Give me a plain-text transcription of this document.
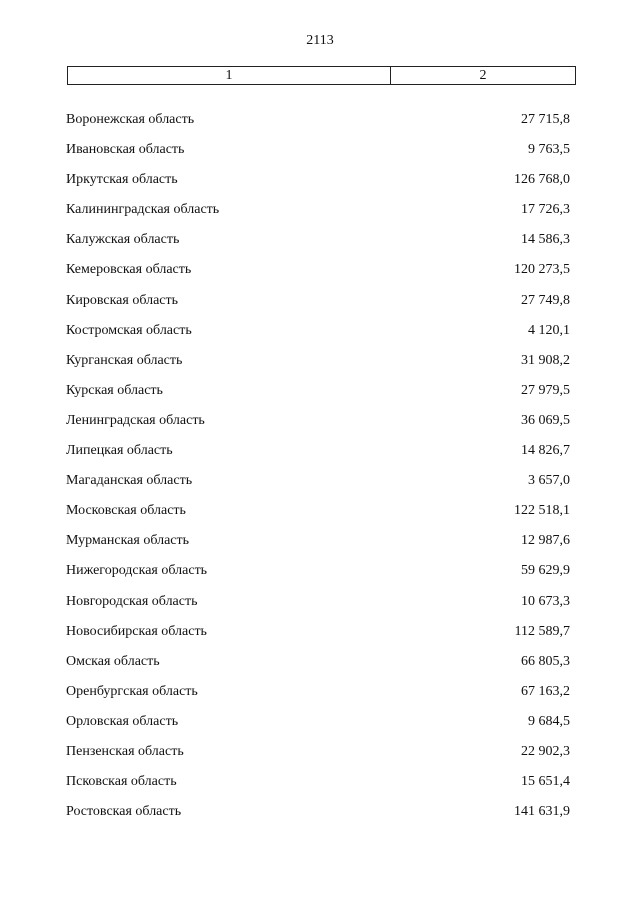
2113
1	2
Воронежская область	27 715,8
Ивановская область	9 763,5
Иркутская область	126 768,0
Калининградская область	17 726,3
Калужская область	14 586,3
Кемеровская область	120 273,5
Кировская область	27 749,8
Костромская область	4 120,1
Курганская область	31 908,2
Курская область	27 979,5
Ленинградская область	36 069,5
Липецкая область	14 826,7
Магаданская область	3 657,0
Московская область	122 518,1
Мурманская область	12 987,6
Нижегородская область	59 629,9
Новгородская область	10 673,3
Новосибирская область	112 589,7
Омская область	66 805,3
Оренбургская область	67 163,2
Орловская область	9 684,5
Пензенская область	22 902,3
Псковская область	15 651,4
Ростовская область	141 631,9
